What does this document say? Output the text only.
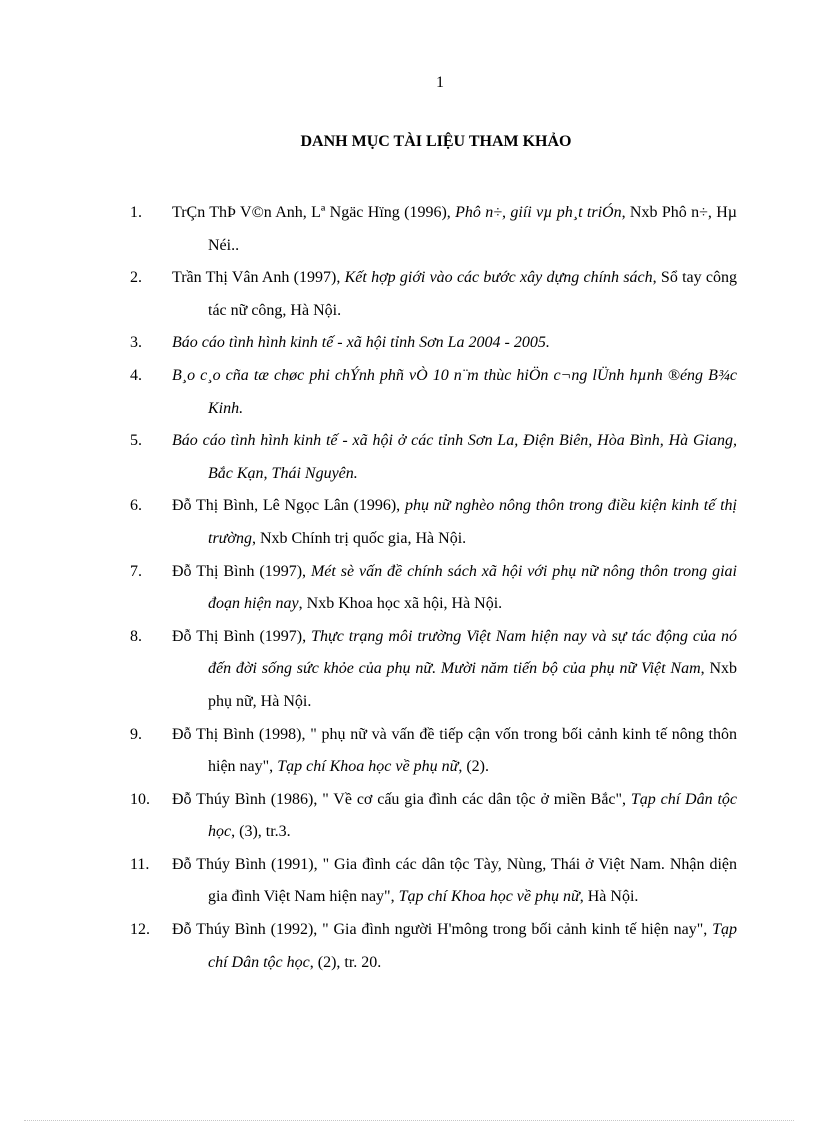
1
DANH MỤC TÀI LIỆU THAM KHẢO
1. TrÇn ThÞ V©n Anh, Lª Ngäc Hïng (1996), Phô n÷, giíi vµ ph¸t triÓn, Nxb Phô n÷, Hµ Néi..
2. Trần Thị Vân Anh (1997), Kết hợp giới vào các bước xây dựng chính sách, Sổ tay công tác nữ công, Hà Nội.
3. Báo cáo tình hình kinh tế - xã hội tỉnh Sơn La 2004 - 2005.
4. B¸o c¸o cña tæ chøc phi chÝnh phñ vÒ 10 n¨m thùc hiÖn c¬ng lÜnh hµnh ®éng B¾c Kinh.
5. Báo cáo tình hình kinh tế - xã hội ở các tỉnh Sơn La, Điện Biên, Hòa Bình, Hà Giang, Bắc Kạn, Thái Nguyên.
6. Đỗ Thị Bình, Lê Ngọc Lân (1996), phụ nữ nghèo nông thôn trong điều kiện kinh tế thị trường, Nxb Chính trị quốc gia, Hà Nội.
7. Đỗ Thị Bình (1997), Mét sè vấn đề chính sách xã hội với phụ nữ nông thôn trong giai đoạn hiện nay, Nxb Khoa học xã hội, Hà Nội.
8. Đỗ Thị Bình (1997), Thực trạng môi trường Việt Nam hiện nay và sự tác động của nó đến đời sống sức khỏe của phụ nữ. Mười năm tiến bộ của phụ nữ Việt Nam, Nxb phụ nữ, Hà Nội.
9. Đỗ Thị Bình (1998), " phụ nữ và vấn đề tiếp cận vốn trong bối cảnh kinh tế nông thôn hiện nay", Tạp chí Khoa học về phụ nữ, (2).
10. Đỗ Thúy Bình (1986), " Về cơ cấu gia đình các dân tộc ở miền Bắc", Tạp chí Dân tộc học, (3), tr.3.
11. Đỗ Thúy Bình (1991), " Gia đình các dân tộc Tày, Nùng, Thái ở Việt Nam. Nhận diện gia đình Việt Nam hiện nay", Tạp chí Khoa học về phụ nữ, Hà Nội.
12. Đỗ Thúy Bình (1992), " Gia đình người H'mông trong bối cảnh kinh tế hiện nay", Tạp chí Dân tộc học, (2), tr. 20.
